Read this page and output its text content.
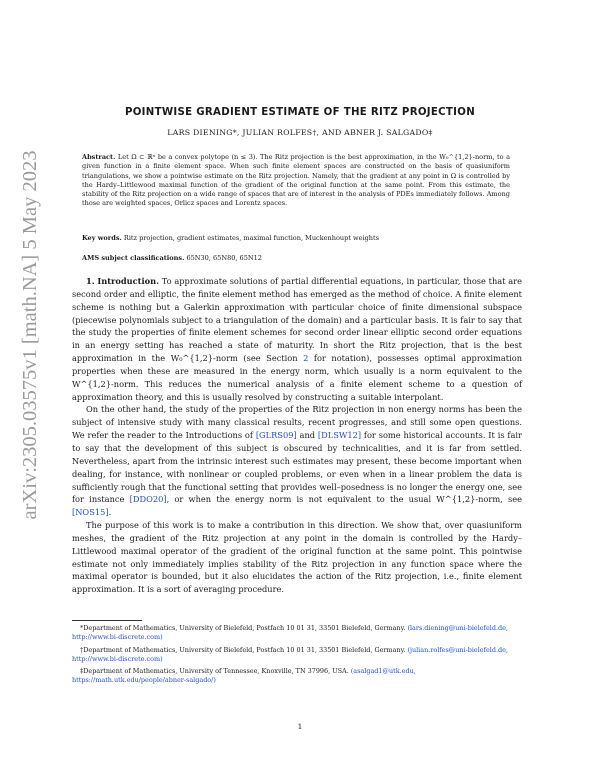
arXiv:2305.03575v1 [math.NA] 5 May 2023
POINTWISE GRADIENT ESTIMATE OF THE RITZ PROJECTION
LARS DIENING*, JULIAN ROLFES†, AND ABNER J. SALGADO‡
Abstract. Let Ω ⊂ ℝⁿ be a convex polytope (n ≤ 3). The Ritz projection is the best approximation, in the W₀^{1,2}-norm, to a given function in a finite element space. When such finite element spaces are constructed on the basis of quasiuniform triangulations, we show a pointwise estimate on the Ritz projection. Namely, that the gradient at any point in Ω is controlled by the Hardy–Littlewood maximal function of the gradient of the original function at the same point. From this estimate, the stability of the Ritz projection on a wide range of spaces that are of interest in the analysis of PDEs immediately follows. Among those are weighted spaces, Orlicz spaces and Lorentz spaces.
Key words. Ritz projection, gradient estimates, maximal function, Muckenhoupt weights
AMS subject classifications. 65N30, 65N80, 65N12

1. Introduction. To approximate solutions of partial differential equations, in particular, those that are second order and elliptic, the finite element method has emerged as the method of choice. A finite element scheme is nothing but a Galerkin approximation with particular choice of finite dimensional subspace (piecewise polynomials subject to a triangulation of the domain) and a particular basis. It is fair to say that the study the properties of finite element schemes for second order linear elliptic second order equations in an energy setting has reached a state of maturity. In short the Ritz projection, that is the best approximation in the W₀^{1,2}-norm (see Section 2 for notation), possesses optimal approximation properties when these are measured in the energy norm, which usually is a norm equivalent to the W^{1,2}-norm. This reduces the numerical analysis of a finite element scheme to a question of approximation theory, and this is usually resolved by constructing a suitable interpolant.

On the other hand, the study of the properties of the Ritz projection in non energy norms has been the subject of intensive study with many classical results, recent progresses, and still some open questions. We refer the reader to the Introductions of [GLRS09] and [DLSW12] for some historical accounts. It is fair to say that the development of this subject is obscured by technicalities, and it is far from settled. Nevertheless, apart from the intrinsic interest such estimates may present, these become important when dealing, for instance, with nonlinear or coupled problems, or even when in a linear problem the data is sufficiently rough that the functional setting that provides well–posedness is no longer the energy one, see for instance [DDO20], or when the energy norm is not equivalent to the usual W^{1,2}-norm, see [NOS15].

The purpose of this work is to make a contribution in this direction. We show that, over quasiuniform meshes, the gradient of the Ritz projection at any point in the domain is controlled by the Hardy–Littlewood maximal operator of the gradient of the original function at the same point. This pointwise estimate not only immediately implies stability of the Ritz projection in any function space where the maximal operator is bounded, but it also elucidates the action of the Ritz projection, i.e., finite element approximation. It is a sort of averaging procedure.

*Department of Mathematics, University of Bielefeld, Postfach 10 01 31, 33501 Bielefeld, Germany. (lars.diening@uni-bielefeld.de, http://www.bi-discrete.com)
†Department of Mathematics, University of Bielefeld, Postfach 10 01 31, 33501 Bielefeld, Germany. (julian.rolfes@uni-bielefeld.de, http://www.bi-discrete.com)
‡Department of Mathematics, University of Tennessee, Knoxville, TN 37996, USA. (asalgad1@utk.edu, https://math.utk.edu/people/abner-salgado/)
1
